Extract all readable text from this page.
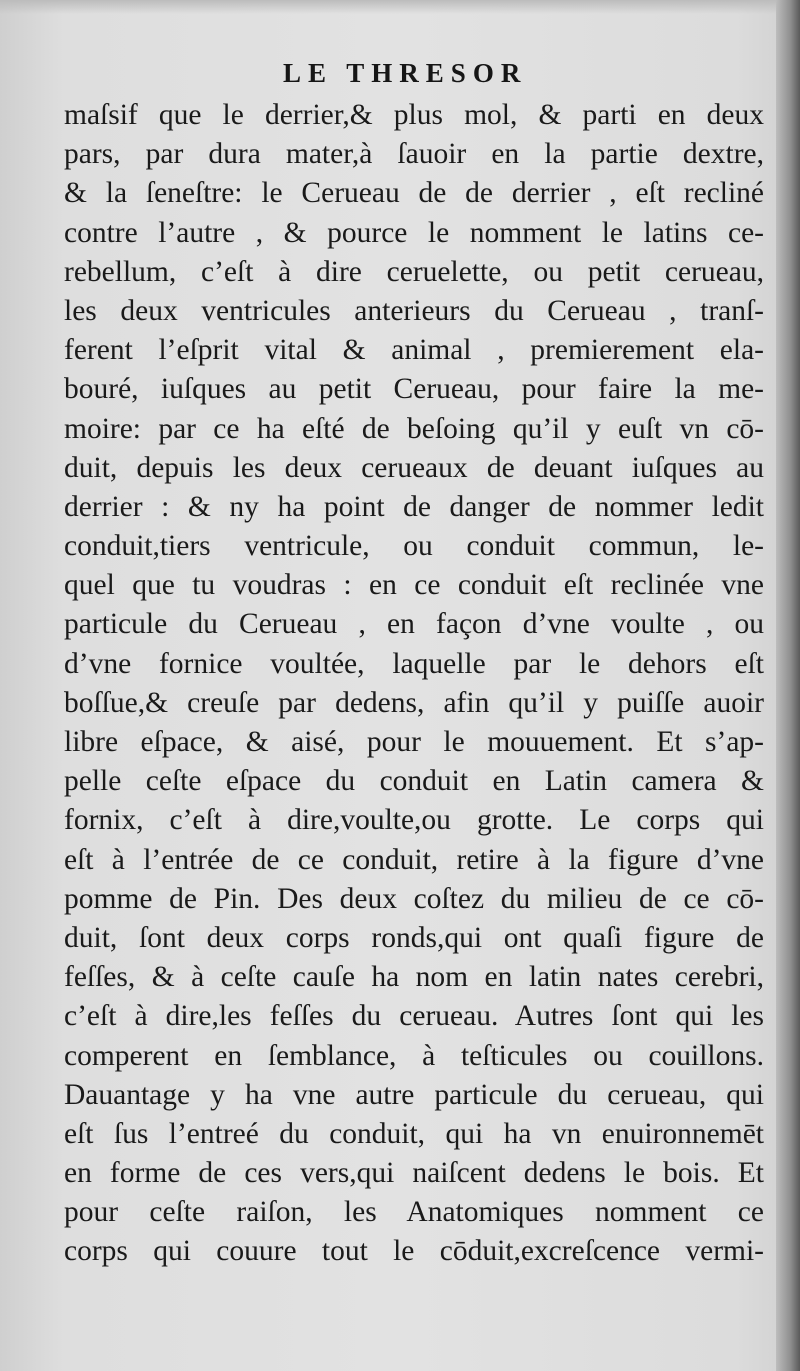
LE THRESOR
maſsif que le derrier,& plus mol, & parti en deux
pars, par dura mater,à ſauoir en la partie dextre,
& la ſeneſtre: le Cerueau de de derrier , eſt recliné
contre l’autre , & pource le nomment le latins ce-
rebellum, c’eſt à dire ceruelette, ou petit cerueau,
les deux ventricules anterieurs du Cerueau , tranſ-
ferent l’eſprit vital & animal , premierement ela-
bouré, iuſques au petit Cerueau, pour faire la me-
moire: par ce ha eſté de beſoing qu’il y euſt vn cō-
duit, depuis les deux cerueaux de deuant iuſques au
derrier : & ny ha point de danger de nommer ledit
conduit,tiers ventricule, ou conduit commun, le-
quel que tu voudras : en ce conduit eſt reclinée vne
particule du Cerueau , en façon d’vne voulte , ou
d’vne fornice voultée, laquelle par le dehors eſt
boſſue,& creuſe par dedens, afin qu’il y puiſſe auoir
libre eſpace, & aisé, pour le mouuement. Et s’ap-
pelle ceſte eſpace du conduit en Latin camera &
fornix, c’eſt à dire,voulte,ou grotte. Le corps qui
eſt à l’entrée de ce conduit, retire à la figure d’vne
pomme de Pin. Des deux coſtez du milieu de ce cō-
duit, ſont deux corps ronds,qui ont quaſi figure de
feſſes, & à ceſte cauſe ha nom en latin nates cerebri,
c’eſt à dire,les feſſes du cerueau. Autres ſont qui les
comperent en ſemblance, à teſticules ou couillons.
Dauantage y ha vne autre particule du cerueau, qui
eſt ſus l’entreé du conduit, qui ha vn enuironnemēt
en forme de ces vers,qui naiſcent dedens le bois. Et
pour ceſte raiſon, les Anatomiques nomment ce
corps qui couure tout le cōduit,excreſcence vermi-
